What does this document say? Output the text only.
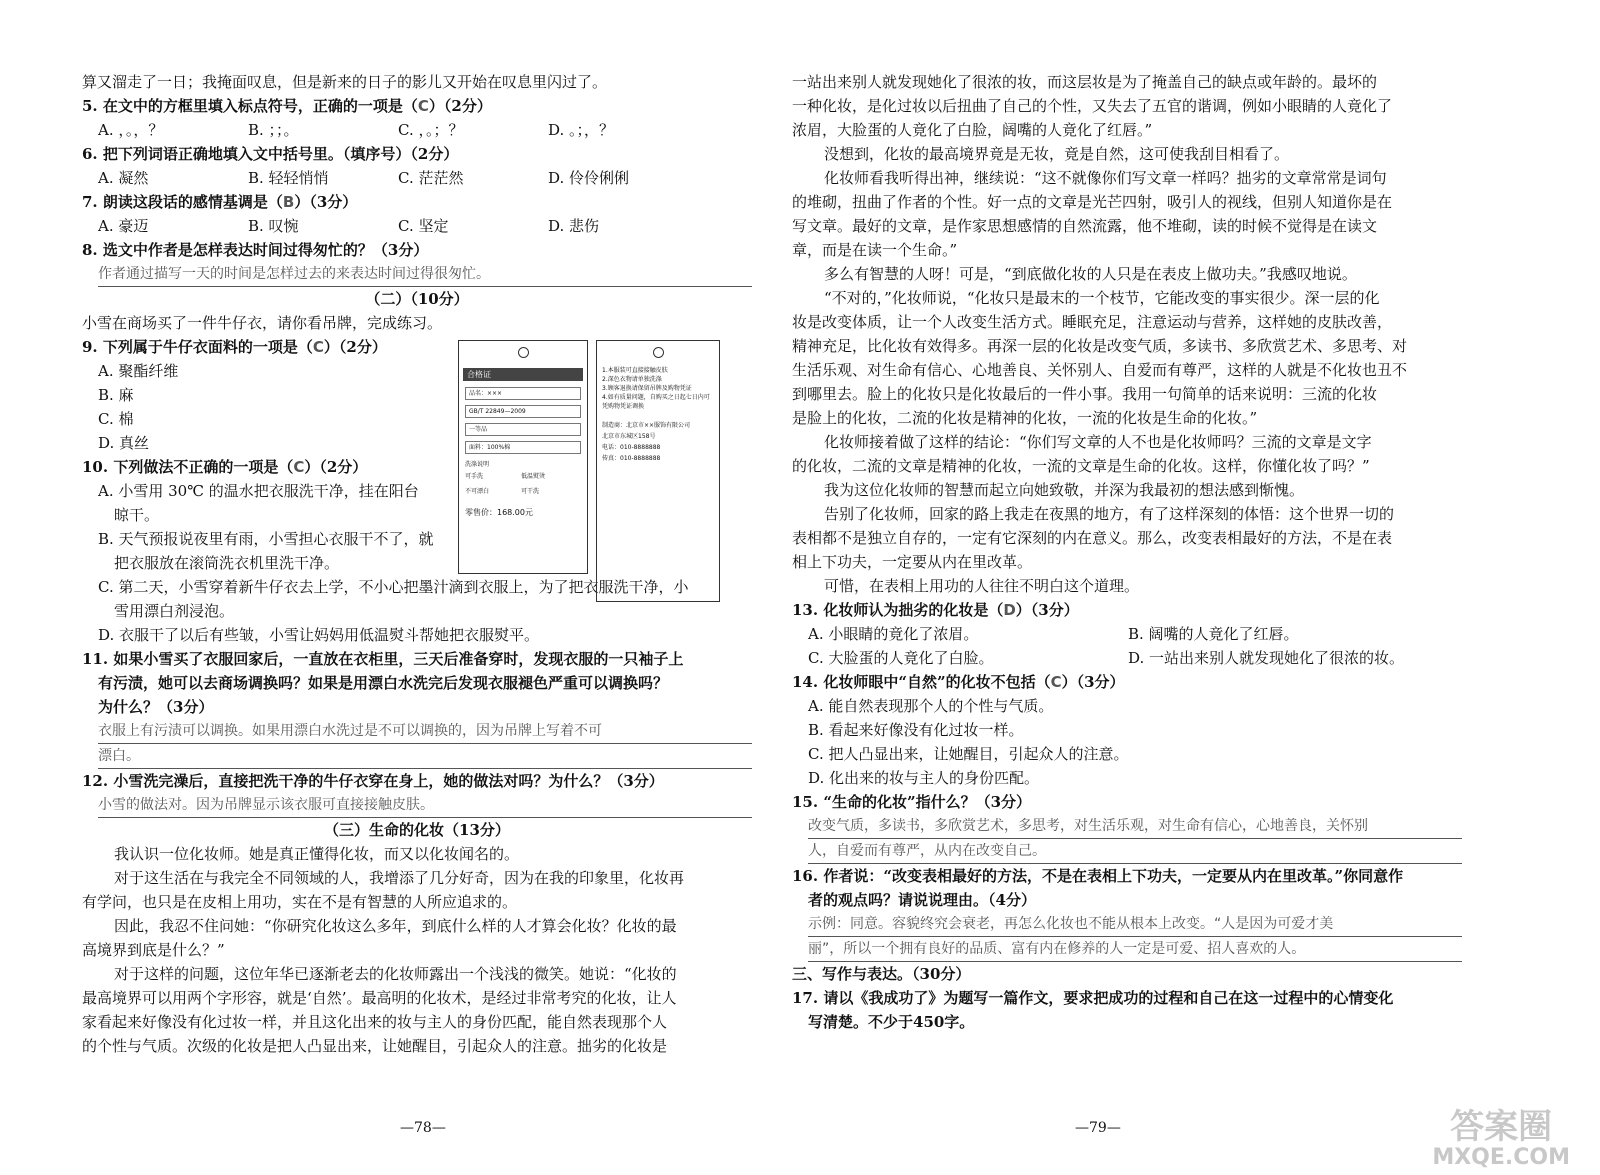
算又溜走了一日；我掩面叹息，但是新来的日子的影儿又开始在叹息里闪过了。
5. 在文中的方框里填入标点符号，正确的一项是（C）（2分）
A. ，。，？	B. ；；。	C. ，。；？	D. 。；，？
6. 把下列词语正确地填入文中括号里。（填序号）（2分）
A. 凝然	B. 轻轻悄悄	C. 茫茫然	D. 伶伶俐俐
7. 朗读这段话的感情基调是（B）（3分）
A. 豪迈	B. 叹惋	C. 坚定	D. 悲伤
8. 选文中作者是怎样表达时间过得匆忙的？（3分）
作者通过描写一天的时间是怎样过去的来表达时间过得很匆忙。
（二）（10分）
小雪在商场买了一件牛仔衣，请你看吊牌，完成练习。
9. 下列属于牛仔衣面料的一项是（C）（2分）
A. 聚酯纤维
B. 麻
C. 棉
D. 真丝
10. 下列做法不正确的一项是（C）（2分）
A. 小雪用 30℃ 的温水把衣服洗干净，挂在阳台
晾干。
B. 天气预报说夜里有雨，小雪担心衣服干不了，就
把衣服放在滚筒洗衣机里洗干净。
C. 第二天，小雪穿着新牛仔衣去上学，不小心把墨汁滴到衣服上，为了把衣服洗干净，小
雪用漂白剂浸泡。
D. 衣服干了以后有些皱，小雪让妈妈用低温熨斗帮她把衣服熨平。
11. 如果小雪买了衣服回家后，一直放在衣柜里，三天后准备穿时，发现衣服的一只袖子上
有污渍，她可以去商场调换吗？如果是用漂白水洗完后发现衣服褪色严重可以调换吗？
为什么？（3分）
衣服上有污渍可以调换。如果用漂白水洗过是不可以调换的，因为吊牌上写着不可
漂白。
12. 小雪洗完澡后，直接把洗干净的牛仔衣穿在身上，她的做法对吗？为什么？（3分）
小雪的做法对。因为吊牌显示该衣服可直接接触皮肤。
（三）生命的化妆（13分）
我认识一位化妆师。她是真正懂得化妆，而又以化妆闻名的。
对于这生活在与我完全不同领域的人，我增添了几分好奇，因为在我的印象里，化妆再
有学问，也只是在皮相上用功，实在不是有智慧的人所应追求的。
因此，我忍不住问她：“你研究化妆这么多年，到底什么样的人才算会化妆？化妆的最
高境界到底是什么？”
对于这样的问题，这位年华已逐渐老去的化妆师露出一个浅浅的微笑。她说：“化妆的
最高境界可以用两个字形容，就是‘自然’。最高明的化妆术，是经过非常考究的化妆，让人
家看起来好像没有化过妆一样，并且这化出来的妆与主人的身份匹配，能自然表现那个人
的个性与气质。次级的化妆是把人凸显出来，让她醒目，引起众人的注意。拙劣的化妆是
合格证
品名：×××
GB/T 22849—2009
一等品
面料：100%棉
洗涤说明
可手洗	低温熨烫
不可漂白	可干洗
零售价：168.00元
1.本服装可直接接触皮肤
2.深色衣物请单独洗涤
3.顾客退换请保留吊牌及购物凭证
4.如有质量问题，自购买之日起七日内可凭购物凭证调换
制造商：北京市××服饰有限公司
北京市东城区158号
电话：010-8888888
传真：010-8888888
—78—
一站出来别人就发现她化了很浓的妆，而这层妆是为了掩盖自己的缺点或年龄的。最坏的
一种化妆，是化过妆以后扭曲了自己的个性，又失去了五官的谐调，例如小眼睛的人竟化了
浓眉，大脸蛋的人竟化了白脸，阔嘴的人竟化了红唇。”
没想到，化妆的最高境界竟是无妆，竟是自然，这可使我刮目相看了。
化妆师看我听得出神，继续说：“这不就像你们写文章一样吗？拙劣的文章常常是词句
的堆砌，扭曲了作者的个性。好一点的文章是光芒四射，吸引人的视线，但别人知道你是在
写文章。最好的文章，是作家思想感情的自然流露，他不堆砌，读的时候不觉得是在读文
章，而是在读一个生命。”
多么有智慧的人呀！可是，“到底做化妆的人只是在表皮上做功夫。”我感叹地说。
“不对的，”化妆师说，“化妆只是最末的一个枝节，它能改变的事实很少。深一层的化
妆是改变体质，让一个人改变生活方式。睡眠充足，注意运动与营养，这样她的皮肤改善，
精神充足，比化妆有效得多。再深一层的化妆是改变气质，多读书、多欣赏艺术、多思考、对
生活乐观、对生命有信心、心地善良、关怀别人、自爱而有尊严，这样的人就是不化妆也丑不
到哪里去。脸上的化妆只是化妆最后的一件小事。我用一句简单的话来说明：三流的化妆
是脸上的化妆，二流的化妆是精神的化妆，一流的化妆是生命的化妆。”
化妆师接着做了这样的结论：“你们写文章的人不也是化妆师吗？三流的文章是文字
的化妆，二流的文章是精神的化妆，一流的文章是生命的化妆。这样，你懂化妆了吗？”
我为这位化妆师的智慧而起立向她致敬，并深为我最初的想法感到惭愧。
告别了化妆师，回家的路上我走在夜黑的地方，有了这样深刻的体悟：这个世界一切的
表相都不是独立自存的，一定有它深刻的内在意义。那么，改变表相最好的方法，不是在表
相上下功夫，一定要从内在里改革。
可惜，在表相上用功的人往往不明白这个道理。
13. 化妆师认为拙劣的化妆是（D）（3分）
A. 小眼睛的竟化了浓眉。	B. 阔嘴的人竟化了红唇。
C. 大脸蛋的人竟化了白脸。	D. 一站出来别人就发现她化了很浓的妆。
14. 化妆师眼中“自然”的化妆不包括（C）（3分）
A. 能自然表现那个人的个性与气质。
B. 看起来好像没有化过妆一样。
C. 把人凸显出来，让她醒目，引起众人的注意。
D. 化出来的妆与主人的身份匹配。
15. “生命的化妆”指什么？（3分）
改变气质，多读书，多欣赏艺术，多思考，对生活乐观，对生命有信心，心地善良，关怀别
人，自爱而有尊严，从内在改变自己。
16. 作者说：“改变表相最好的方法，不是在表相上下功夫，一定要从内在里改革。”你同意作
者的观点吗？请说说理由。（4分）
示例：同意。容貌终究会衰老，再怎么化妆也不能从根本上改变。“人是因为可爱才美
丽”，所以一个拥有良好的品质、富有内在修养的人一定是可爱、招人喜欢的人。
三、写作与表达。（30分）
17. 请以《我成功了》为题写一篇作文，要求把成功的过程和自己在这一过程中的心情变化
写清楚。不少于450字。
—79—	答案圈
MXQE.COM
